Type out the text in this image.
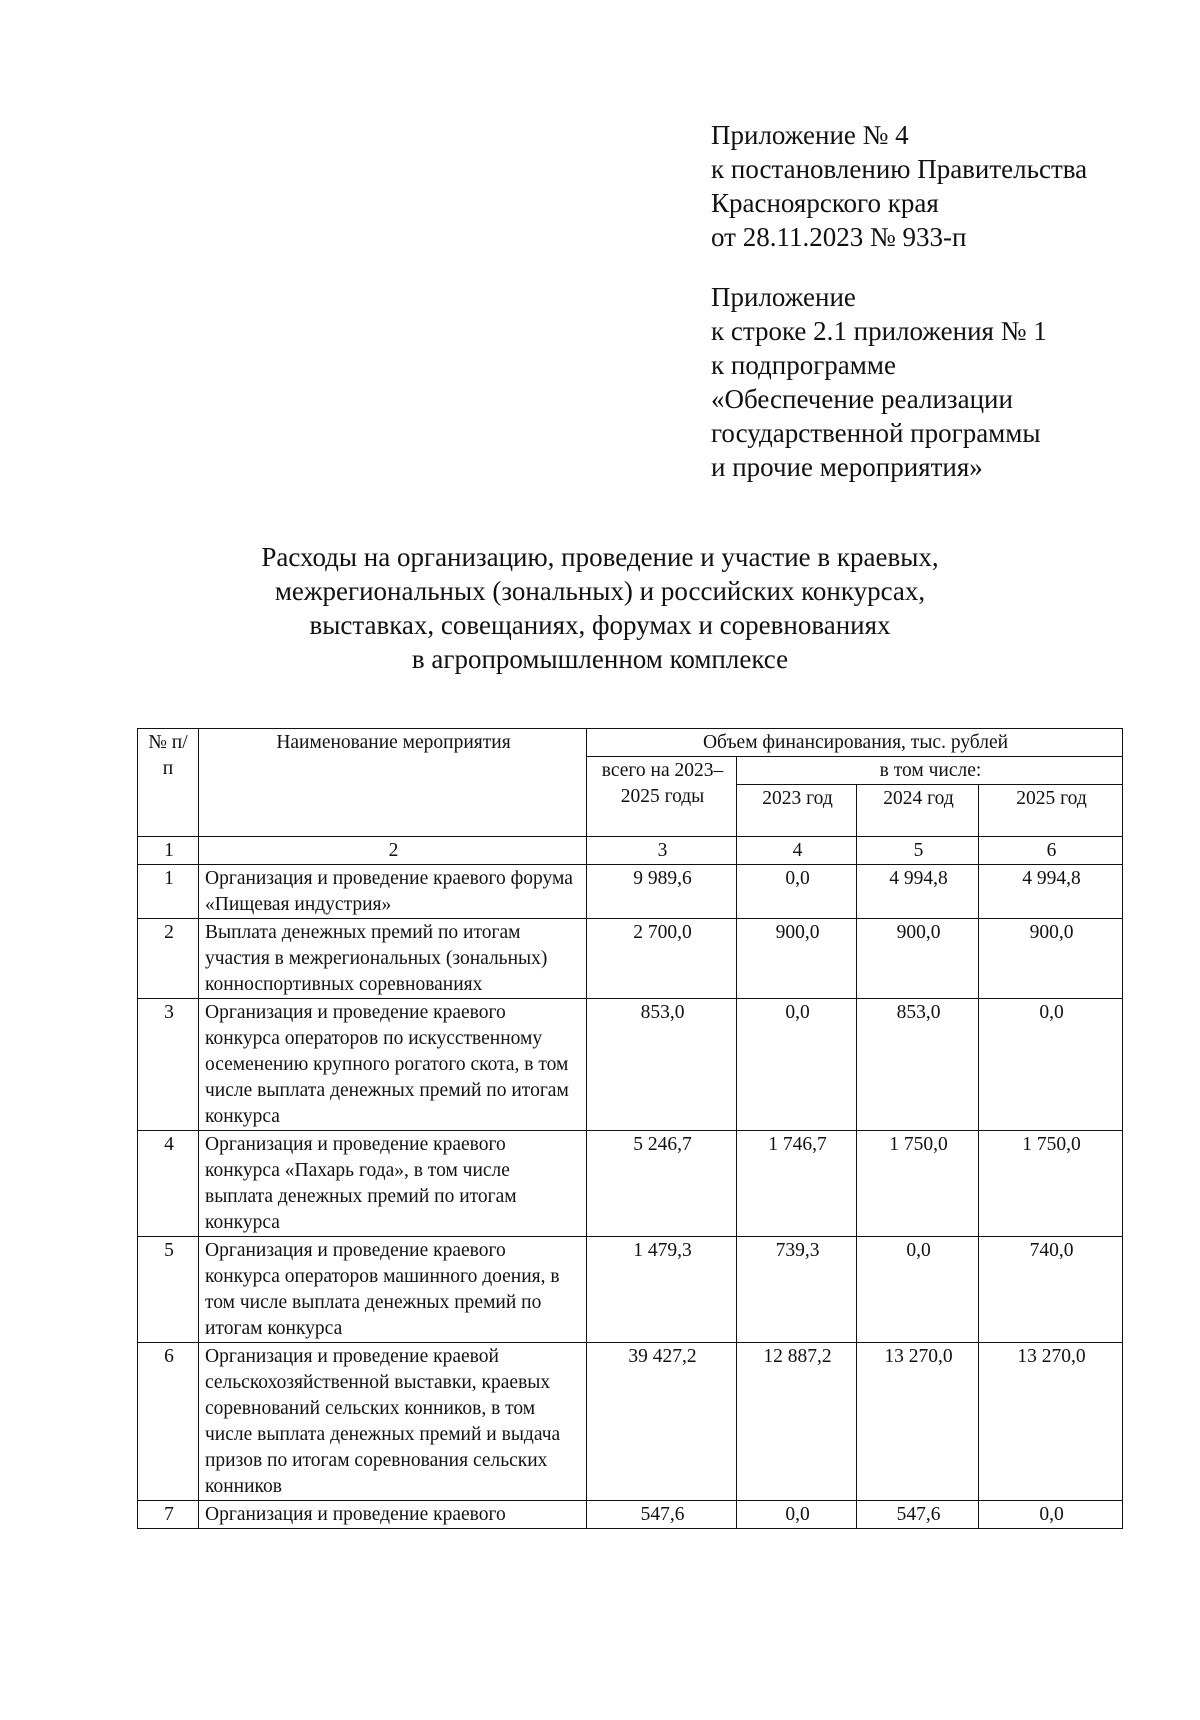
Приложение № 4
к постановлению Правительства
Красноярского края
от 28.11.2023 № 933-п
Приложение
к строке 2.1 приложения № 1
к подпрограмме
«Обеспечение реализации
государственной программы
и прочие мероприятия»
Расходы на организацию, проведение и участие в краевых,
межрегиональных (зональных) и российских конкурсах,
выставках, совещаниях, форумах и соревнованиях
в агропромышленном комплексе
№ п/п	Наименование мероприятия	Объем финансирования, тыс. рублей			
		всего на 2023–2025 годы	в том числе:		
			2023 год	2024 год	2025 год
1	2	3	4	5	6
1	Организация и проведение краевого форума «Пищевая индустрия»	9 989,6	0,0	4 994,8	4 994,8
2	Выплата денежных премий по итогам участия в межрегиональных (зональных) конноспортивных соревнованиях	2 700,0	900,0	900,0	900,0
3	Организация и проведение краевого конкурса операторов по искусственному осеменению крупного рогатого скота, в том числе выплата денежных премий по итогам конкурса	853,0	0,0	853,0	0,0
4	Организация и проведение краевого конкурса «Пахарь года», в том числе выплата денежных премий по итогам конкурса	5 246,7	1 746,7	1 750,0	1 750,0
5	Организация и проведение краевого конкурса операторов машинного доения, в том числе выплата денежных премий по итогам конкурса	1 479,3	739,3	0,0	740,0
6	Организация и проведение краевой сельскохозяйственной выставки, краевых соревнований сельских конников, в том числе выплата денежных премий и выдача призов по итогам соревнования сельских конников	39 427,2	12 887,2	13 270,0	13 270,0
7	Организация и проведение краевого	547,6	0,0	547,6	0,0
